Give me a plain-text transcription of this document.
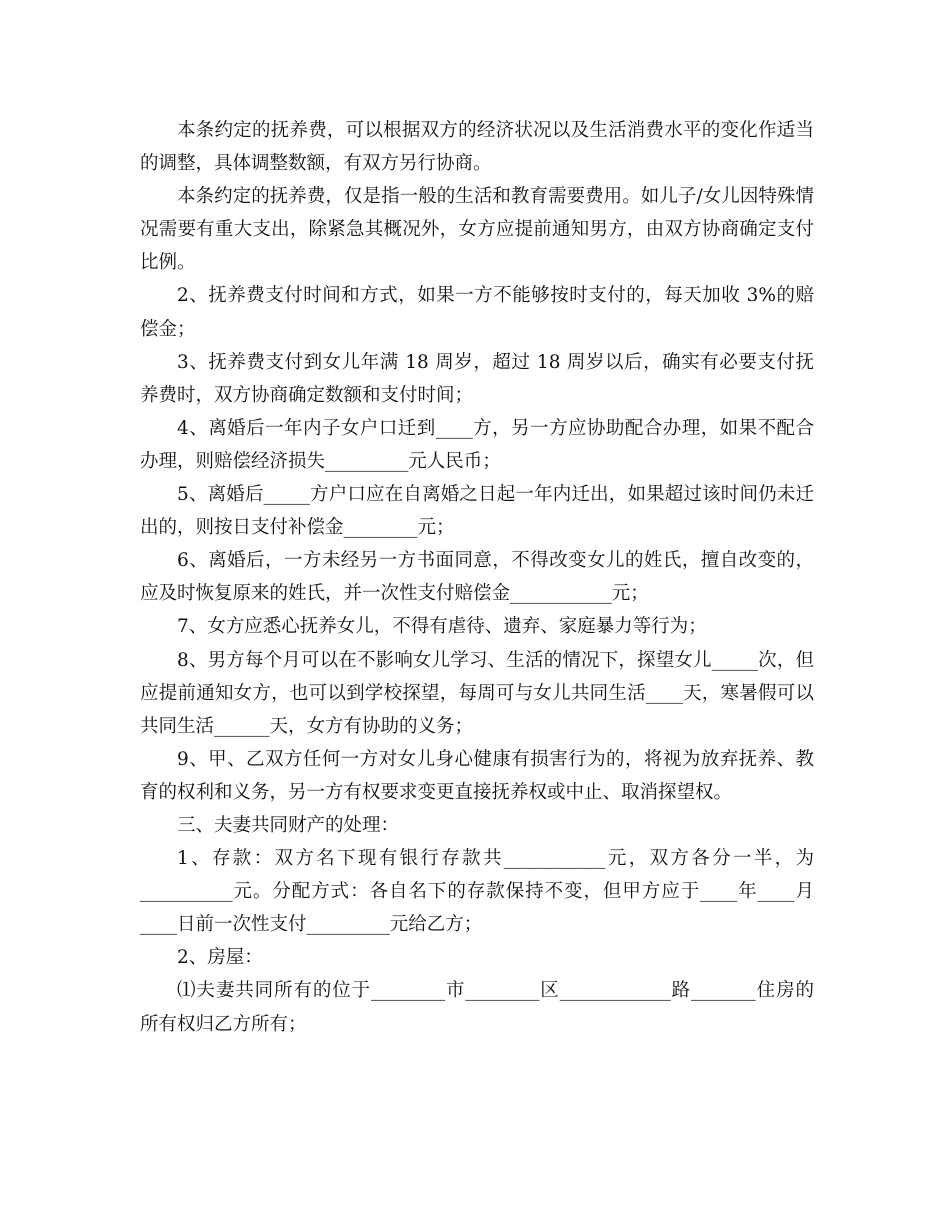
本条约定的抚养费，可以根据双方的经济状况以及生活消费水平的变化作适当的调整，具体调整数额，有双方另行协商。

本条约定的抚养费，仅是指一般的生活和教育需要费用。如儿子/女儿因特殊情况需要有重大支出，除紧急其概况外，女方应提前通知男方，由双方协商确定支付比例。

2、抚养费支付时间和方式，如果一方不能够按时支付的，每天加收 3%的赔偿金；

3、抚养费支付到女儿年满 18 周岁，超过 18 周岁以后，确实有必要支付抚养费时，双方协商确定数额和支付时间；

4、离婚后一年内子女户口迁到____方，另一方应协助配合办理，如果不配合办理，则赔偿经济损失_________元人民币；

5、离婚后_____方户口应在自离婚之日起一年内迁出，如果超过该时间仍未迁出的，则按日支付补偿金________元；

6、离婚后，一方未经另一方书面同意，不得改变女儿的姓氏，擅自改变的，应及时恢复原来的姓氏，并一次性支付赔偿金___________元；

7、女方应悉心抚养女儿，不得有虐待、遗弃、家庭暴力等行为；

8、男方每个月可以在不影响女儿学习、生活的情况下，探望女儿_____次，但应提前通知女方，也可以到学校探望，每周可与女儿共同生活____天，寒暑假可以共同生活______天，女方有协助的义务；

9、甲、乙双方任何一方对女儿身心健康有损害行为的，将视为放弃抚养、教育的权利和义务，另一方有权要求变更直接抚养权或中止、取消探望权。

三、夫妻共同财产的处理：

1、存款：双方名下现有银行存款共___________元，双方各分一半，为__________元。分配方式：各自名下的存款保持不变，但甲方应于____年____月____日前一次性支付_________元给乙方；

2、房屋：

⑴夫妻共同所有的位于________市________区____________路_______住房的所有权归乙方所有；
